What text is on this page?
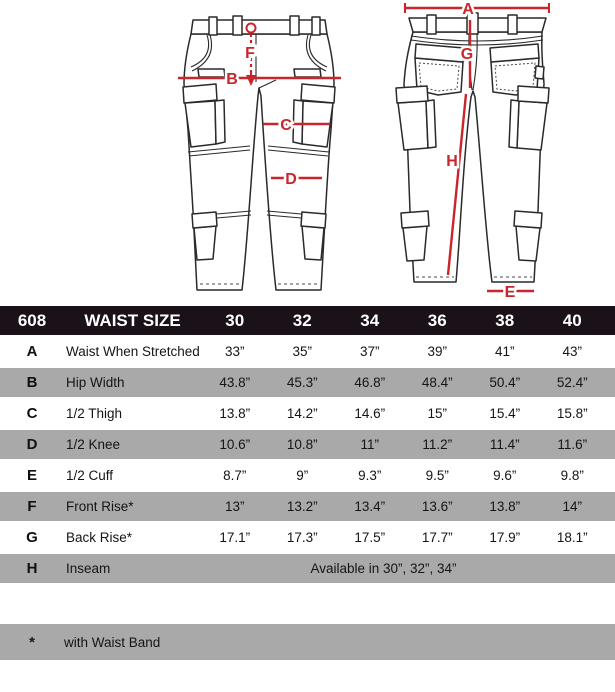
A
G
H
E
F
B
C
D
608	WAIST SIZE	30	32	34	36	38	40	
A	Waist When Stretched	33”	35”	37”	39”	41”	43”	
B	Hip Width	43.8”	45.3”	46.8”	48.4”	50.4”	52.4”	
C	1/2 Thigh	13.8”	14.2”	14.6”	15”	15.4”	15.8”	
D	1/2 Knee	10.6”	10.8”	11”	11.2”	11.4”	11.6”	
E	1/2 Cuff	8.7”	9”	9.3”	9.5”	9.6”	9.8”	
F	Front Rise*	13”	13.2”	13.4”	13.6”	13.8”	14”	
G	Back Rise*	17.1”	17.3”	17.5”	17.7”	17.9”	18.1”	
H	Inseam	Available in 30”, 32”, 34”						
*	with Waist Band
